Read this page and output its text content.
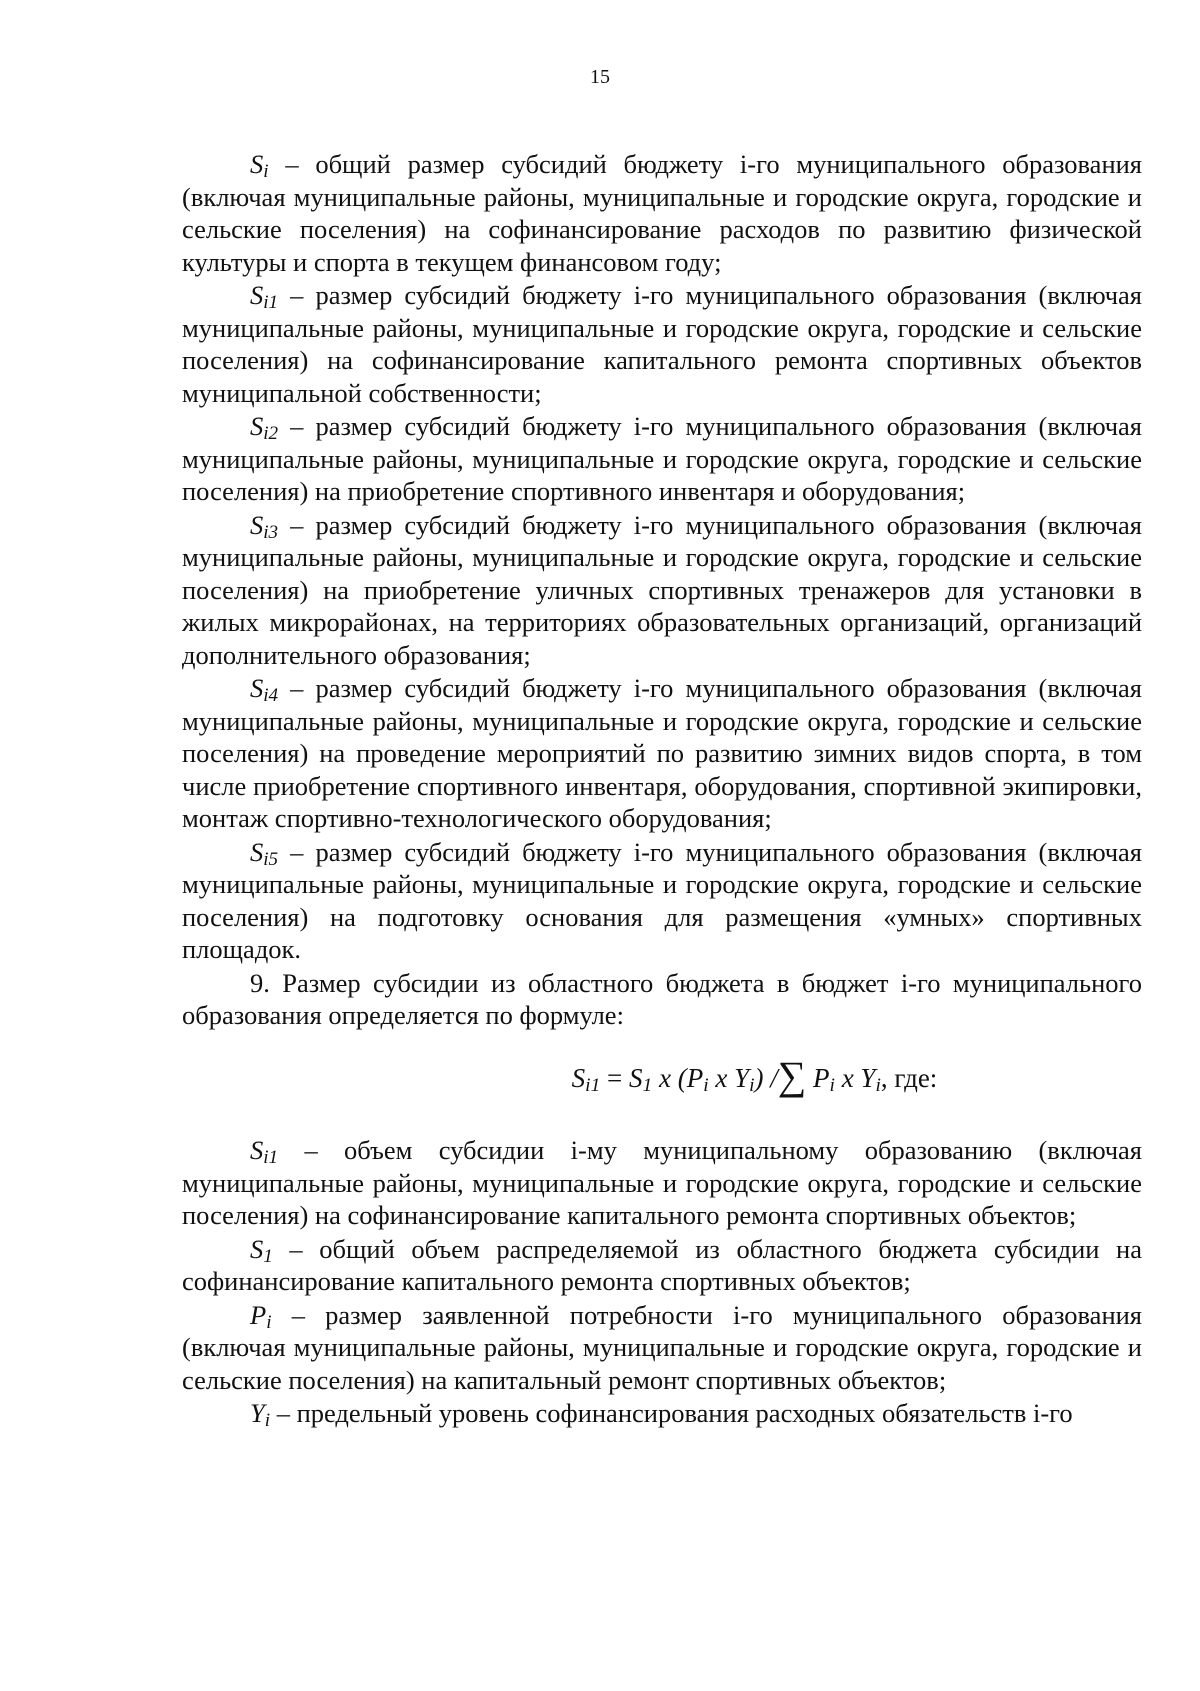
15

$S_i$ – общий размер субсидий бюджету i-го муниципального образования (включая муниципальные районы, муниципальные и городские округа, городские и сельские поселения) на софинансирование расходов по развитию физической культуры и спорта в текущем финансовом году;

$S_{i1}$ – размер субсидий бюджету i-го муниципального образования (включая муниципальные районы, муниципальные и городские округа, городские и сельские поселения) на софинансирование капитального ремонта спортивных объектов муниципальной собственности;

$S_{i2}$ – размер субсидий бюджету i-го муниципального образования (включая муниципальные районы, муниципальные и городские округа, городские и сельские поселения) на приобретение спортивного инвентаря и оборудования;

$S_{i3}$ – размер субсидий бюджету i-го муниципального образования (включая муниципальные районы, муниципальные и городские округа, городские и сельские поселения) на приобретение уличных спортивных тренажеров для установки в жилых микрорайонах, на территориях образовательных организаций, организаций дополнительного образования;

$S_{i4}$ – размер субсидий бюджету i-го муниципального образования (включая муниципальные районы, муниципальные и городские округа, городские и сельские поселения) на проведение мероприятий по развитию зимних видов спорта, в том числе приобретение спортивного инвентаря, оборудования, спортивной экипировки, монтаж спортивно-технологического оборудования;

$S_{i5}$ – размер субсидий бюджету i-го муниципального образования (включая муниципальные районы, муниципальные и городские округа, городские и сельские поселения) на подготовку основания для размещения «умных» спортивных площадок.

9. Размер субсидии из областного бюджета в бюджет i-го муниципального образования определяется по формуле:

Si1 = S1 x (Pi x Yi) /∑ Pi x Yi, где:

$S_{i1}$ – объем субсидии i-му муниципальному образованию (включая муниципальные районы, муниципальные и городские округа, городские и сельские поселения) на софинансирование капитального ремонта спортивных объектов;

$S_1$ – общий объем распределяемой из областного бюджета субсидии на софинансирование капитального ремонта спортивных объектов;

$P_i$ – размер заявленной потребности i-го муниципального образования (включая муниципальные районы, муниципальные и городские округа, городские и сельские поселения) на капитальный ремонт спортивных объектов;

$Y_i$ – предельный уровень софинансирования расходных обязательств i-го
